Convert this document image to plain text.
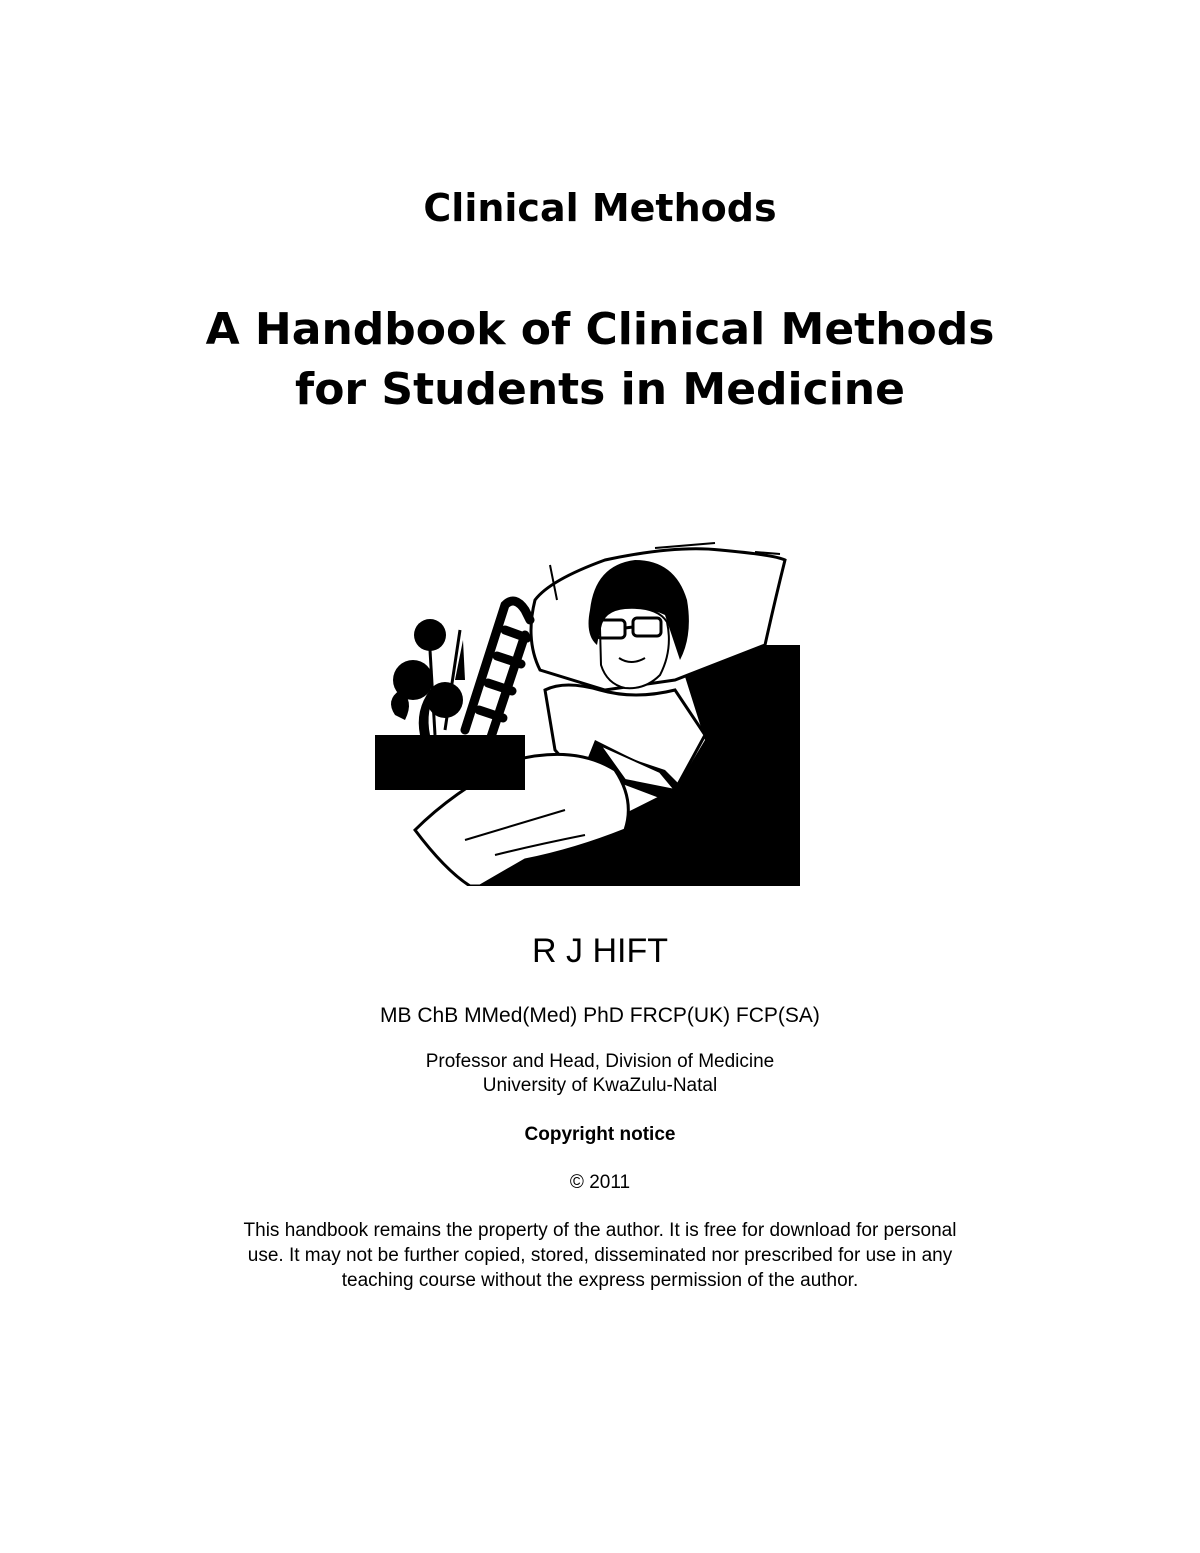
Clinical Methods
A Handbook of Clinical Methods
for Students in Medicine
R J HIFT
MB ChB MMed(Med) PhD FRCP(UK) FCP(SA)
Professor and Head, Division of Medicine
University of KwaZulu-Natal
Copyright notice
© 2011
This handbook remains the property of the author. It is free for download for personal
use. It may not be further copied, stored, disseminated nor prescribed for use in any
teaching course without the express permission of the author.
